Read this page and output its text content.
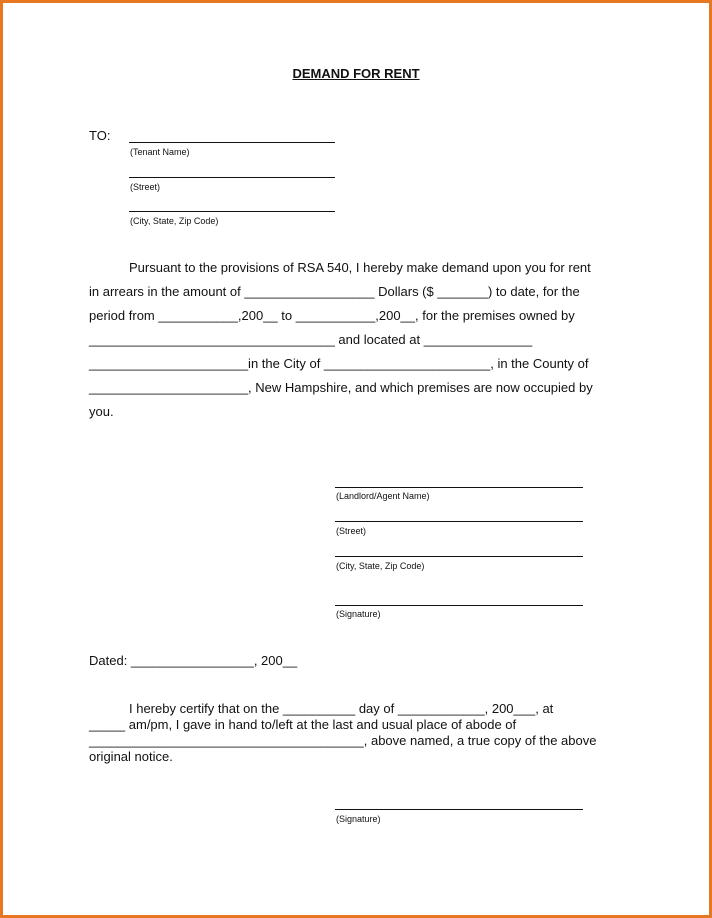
DEMAND FOR RENT
TO:
(Tenant Name)
(Street)
(City, State, Zip Code)
Pursuant to the provisions of RSA 540, I hereby make demand upon you for rent
in arrears in the amount of __________________ Dollars ($ _______) to date, for the
period from ___________,200__ to ___________,200__, for the premises owned by
__________________________________ and located at _______________
______________________in the City of _______________________, in the County of
______________________, New Hampshire, and which premises are now occupied by
you.
(Landlord/Agent Name)
(Street)
(City, State, Zip Code)
(Signature)
Dated: _________________, 200__
I hereby certify that on the __________ day of ____________, 200___, at
_____ am/pm, I gave in hand to/left at the last and usual place of abode of
______________________________________, above named, a true copy of the above
original notice.
(Signature)
